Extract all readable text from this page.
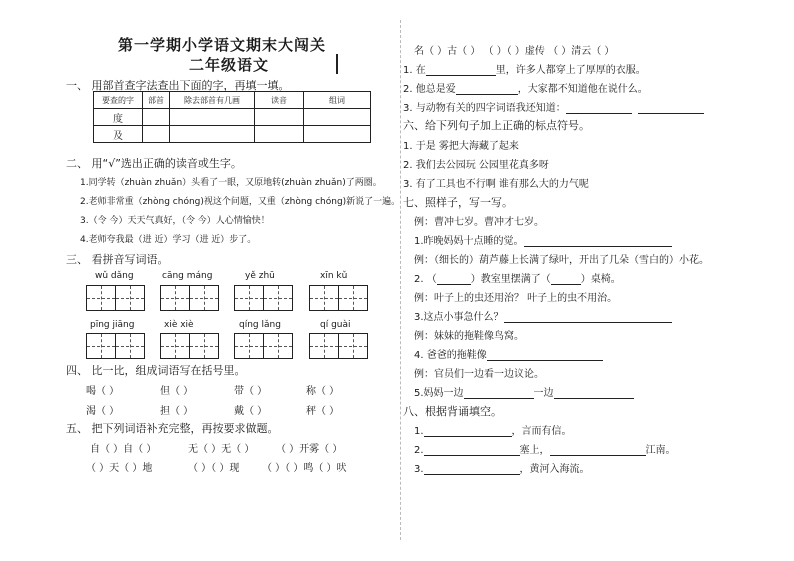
第一学期小学语文期末大闯关
二年级语文
一、 用部首查字法查出下面的字，再填一填。
要查的字	部首	除去部首有几画	读音	组词
度				
及				
二、 用“√”选出正确的读音或生字。
1.同学转（zhuàn zhuǎn）头看了一眼，又原地转(zhuàn zhuǎn)了两圈。
2.老师非常重（zhòng chóng)视这个问题，又重（zhòng chóng)新说了一遍。
3.（令 今）天天气真好，（令 今）人心情愉快！
4.老师夸我最（进 近）学习（进 近）步了。
三、 看拼音写词语。
wǔ dǎng	cāng máng	yě zhū	xīn kǔ
pīng jiāng	xiè xiè	qíng lǎng	qí guài
四、 比一比，组成词语写在括号里。
喝（ ）	但（ ）	带（ ）	称（ ）
渴（ ）	担（ ）	戴（ ）	秤（ ）
五、 把下列词语补充完整，再按要求做题。
自（ ）自（ ）	无（ ）无（ ） （ ）开雾（ ）
（ ）天（ ）地	（ ）（ ）现 （ ）（ ）鸣（ ）吠
名（ ）古（ ） （ ）（ ）虚传 （ ）清云（ ）
1. 在	里，许多人都穿上了厚厚的衣服。
2. 他总是爱	，大家都不知道他在说什么。
3. 与动物有关的四字词语我还知道：
六、给下列句子加上正确的标点符号。
1. 于是 雾把大海藏了起来
2. 我们去公园玩 公园里花真多呀
3. 有了工具也不行啊 谁有那么大的力气呢
七、照样子，写一写。
例：曹冲七岁。曹冲才七岁。
1.昨晚妈妈十点睡的觉。
例：（细长的）葫芦藤上长满了绿叶，开出了几朵（雪白的）小花。
2. （	）教室里摆满了（	）桌椅。
例：叶子上的虫还用治？ 叶子上的虫不用治。
3.这点小事急什么？
例：妹妹的拖鞋像鸟窝。
4. 爸爸的拖鞋像
例：官员们一边看一边议论。
5.妈妈一边	一边
八、根据背诵填空。
1.	，言而有信。
2.	塞上，	江南。
3.	，黄河入海流。
